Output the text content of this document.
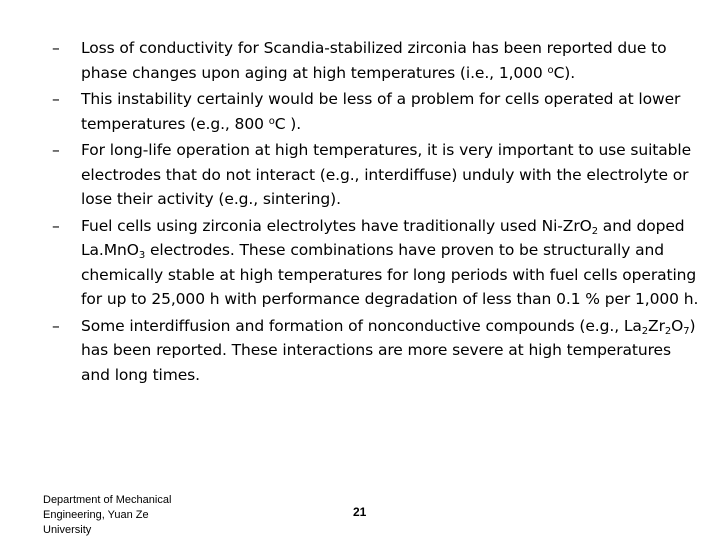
– Loss of conductivity for Scandia-stabilized zirconia has been reported due to phase changes upon aging at high temperatures (i.e., 1,000 $^o$C).
– This instability certainly would be less of a problem for cells operated at lower temperatures (e.g., 800 $^o$C ).
– For long-life operation at high temperatures, it is very important to use suitable electrodes that do not interact (e.g., interdiffuse) unduly with the electrolyte or lose their activity (e.g., sintering).
– Fuel cells using zirconia electrolytes have traditionally used Ni-ZrO$_2$ and doped La.MnO$_3$ electrodes. These combinations have proven to be structurally and chemically stable at high temperatures for long periods with fuel cells operating for up to 25,000 h with performance degradation of less than 0.1 % per 1,000 h.
– Some interdiffusion and formation of nonconductive compounds (e.g., $La_2Zr_2O_7$) has been reported. These interactions are more severe at high temperatures and long times.
Department of Mechanical
Engineering, Yuan Ze
University
21
